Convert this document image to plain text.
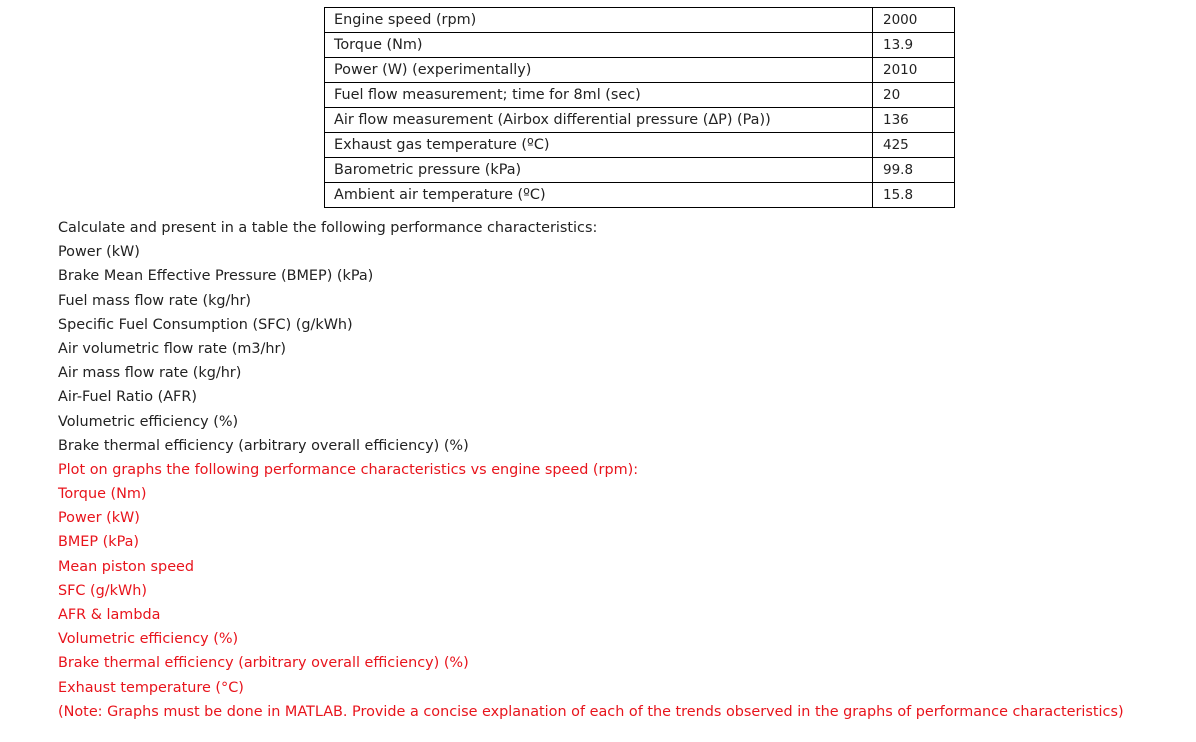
Engine speed (rpm)	2000
Torque (Nm)	13.9
Power (W) (experimentally)	2010
Fuel flow measurement; time for 8ml (sec)	20
Air flow measurement (Airbox differential pressure (ΔP) (Pa))	136
Exhaust gas temperature (ºC)	425
Barometric pressure (kPa)	99.8
Ambient air temperature (ºC)	15.8
Calculate and present in a table the following performance characteristics:
Power (kW)
Brake Mean Effective Pressure (BMEP) (kPa)
Fuel mass flow rate (kg/hr)
Specific Fuel Consumption (SFC) (g/kWh)
Air volumetric flow rate (m3/hr)
Air mass flow rate (kg/hr)
Air-Fuel Ratio (AFR)
Volumetric efficiency (%)
Brake thermal efficiency (arbitrary overall efficiency) (%)
Plot on graphs the following performance characteristics vs engine speed (rpm):
Torque (Nm)
Power (kW)
BMEP (kPa)
Mean piston speed
SFC (g/kWh)
AFR & lambda
Volumetric efficiency (%)
Brake thermal efficiency (arbitrary overall efficiency) (%)
Exhaust temperature (°C)
(Note: Graphs must be done in MATLAB. Provide a concise explanation of each of the trends observed in the graphs of performance characteristics)
